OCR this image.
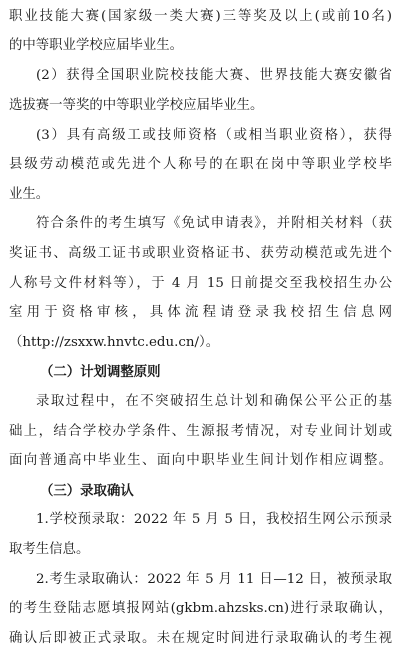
职业技能大赛(国家级一类大赛)三等奖及以上(或前10名)
的中等职业学校应届毕业生。
(2）获得全国职业院校技能大赛、世界技能大赛安徽省
选拔赛一等奖的中等职业学校应届毕业生。
(3）具有高级工或技师资格（或相当职业资格），获得
县级劳动模范或先进个人称号的在职在岗中等职业学校毕
业生。
符合条件的考生填写《免试申请表》，并附相关材料（获
奖证书、高级工证书或职业资格证书、获劳动模范或先进个
人称号文件材料等），于 4 月 15 日前提交至我校招生办公
室用于资格审核，具体流程请登录我校招生信息网
（http://zsxxw.hnvtc.edu.cn/）。
（二）计划调整原则
录取过程中，在不突破招生总计划和确保公平公正的基
础上，结合学校办学条件、生源报考情况，对专业间计划或
面向普通高中毕业生、面向中职毕业生间计划作相应调整。
（三）录取确认
1.学校预录取：2022 年 5 月 5 日，我校招生网公示预录
取考生信息。
2.考生录取确认：2022 年 5 月 11 日—12 日，被预录取
的考生登陆志愿填报网站(gkbm.ahzsks.cn)进行录取确认，
确认后即被正式录取。未在规定时间进行录取确认的考生视
